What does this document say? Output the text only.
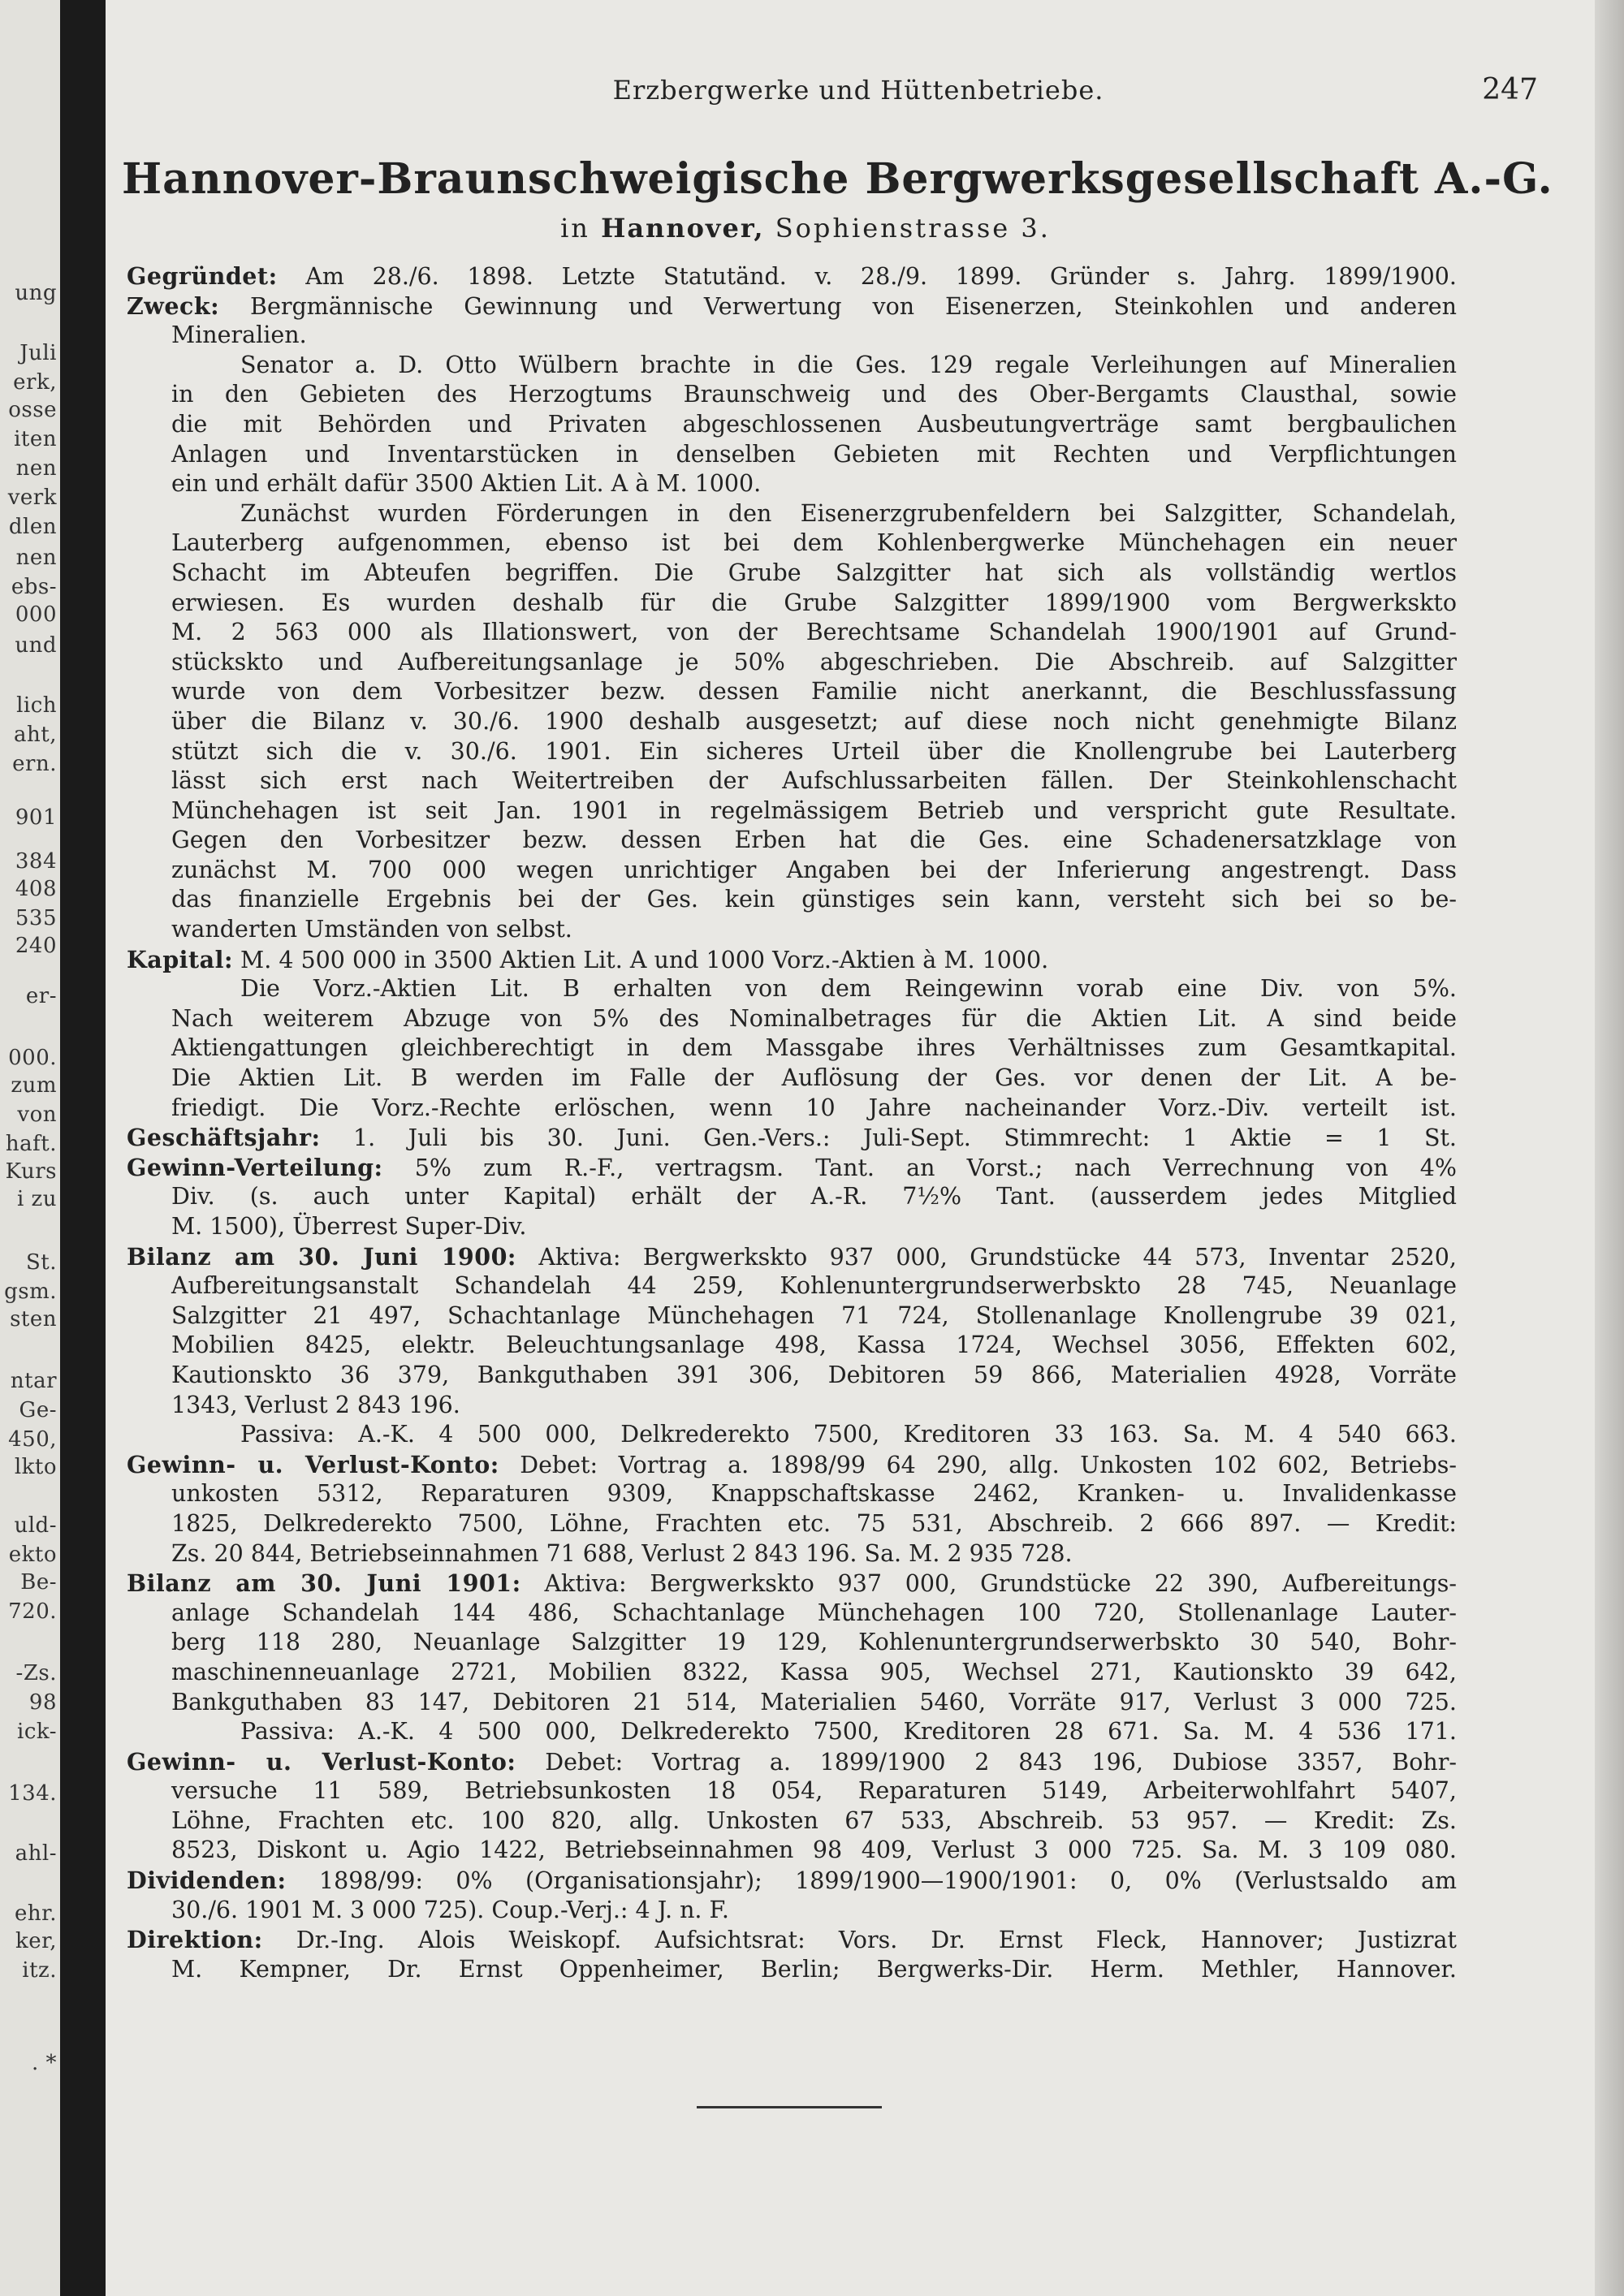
ung
Juli
erk,
osse
iten
nen
verk
dlen
nen
ebs-
000
und
lich
aht,
ern.
901
384
408
535
240
er-
000.
zum
von
haft.
Kurs
i zu
St.
gsm.
sten
ntar
Ge-
450,
lkto
uld-
ekto
Be-
720.
-Zs.
98
ick-
134.
ahl-
ehr.
ker,
itz.
. *
Erzbergwerke und Hüttenbetriebe.	247
Hannover-Braunschweigische Bergwerksgesellschaft A.-G.
in Hannover, Sophienstrasse 3.
Gegründet: Am 28./6. 1898. Letzte Statutänd. v. 28./9. 1899. Gründer s. Jahrg. 1899/1900.
Zweck: Bergmännische Gewinnung und Verwertung von Eisenerzen, Steinkohlen und anderen
Mineralien.
Senator a. D. Otto Wülbern brachte in die Ges. 129 regale Verleihungen auf Mineralien
in den Gebieten des Herzogtums Braunschweig und des Ober-Bergamts Clausthal, sowie
die mit Behörden und Privaten abgeschlossenen Ausbeutungverträge samt bergbaulichen
Anlagen und Inventarstücken in denselben Gebieten mit Rechten und Verpflichtungen
ein und erhält dafür 3500 Aktien Lit. A à M. 1000.
Zunächst wurden Förderungen in den Eisenerzgrubenfeldern bei Salzgitter, Schandelah,
Lauterberg aufgenommen, ebenso ist bei dem Kohlenbergwerke Münchehagen ein neuer
Schacht im Abteufen begriffen. Die Grube Salzgitter hat sich als vollständig wertlos
erwiesen. Es wurden deshalb für die Grube Salzgitter 1899/1900 vom Bergwerkskto
M. 2 563 000 als Illationswert, von der Berechtsame Schandelah 1900/1901 auf Grund-
stückskto und Aufbereitungsanlage je 50% abgeschrieben. Die Abschreib. auf Salzgitter
wurde von dem Vorbesitzer bezw. dessen Familie nicht anerkannt, die Beschlussfassung
über die Bilanz v. 30./6. 1900 deshalb ausgesetzt; auf diese noch nicht genehmigte Bilanz
stützt sich die v. 30./6. 1901. Ein sicheres Urteil über die Knollengrube bei Lauterberg
lässt sich erst nach Weitertreiben der Aufschlussarbeiten fällen. Der Steinkohlenschacht
Münchehagen ist seit Jan. 1901 in regelmässigem Betrieb und verspricht gute Resultate.
Gegen den Vorbesitzer bezw. dessen Erben hat die Ges. eine Schadenersatzklage von
zunächst M. 700 000 wegen unrichtiger Angaben bei der Inferierung angestrengt. Dass
das finanzielle Ergebnis bei der Ges. kein günstiges sein kann, versteht sich bei so be-
wanderten Umständen von selbst.
Kapital: M. 4 500 000 in 3500 Aktien Lit. A und 1000 Vorz.-Aktien à M. 1000.
Die Vorz.-Aktien Lit. B erhalten von dem Reingewinn vorab eine Div. von 5%.
Nach weiterem Abzuge von 5% des Nominalbetrages für die Aktien Lit. A sind beide
Aktiengattungen gleichberechtigt in dem Massgabe ihres Verhältnisses zum Gesamtkapital.
Die Aktien Lit. B werden im Falle der Auflösung der Ges. vor denen der Lit. A be-
friedigt. Die Vorz.-Rechte erlöschen, wenn 10 Jahre nacheinander Vorz.-Div. verteilt ist.
Geschäftsjahr: 1. Juli bis 30. Juni. Gen.-Vers.: Juli-Sept. Stimmrecht: 1 Aktie = 1 St.
Gewinn-Verteilung: 5% zum R.-F., vertragsm. Tant. an Vorst.; nach Verrechnung von 4%
Div. (s. auch unter Kapital) erhält der A.-R. 7½% Tant. (ausserdem jedes Mitglied
M. 1500), Überrest Super-Div.
Bilanz am 30. Juni 1900: Aktiva: Bergwerkskto 937 000, Grundstücke 44 573, Inventar 2520,
Aufbereitungsanstalt Schandelah 44 259, Kohlenuntergrundserwerbskto 28 745, Neuanlage
Salzgitter 21 497, Schachtanlage Münchehagen 71 724, Stollenanlage Knollengrube 39 021,
Mobilien 8425, elektr. Beleuchtungsanlage 498, Kassa 1724, Wechsel 3056, Effekten 602,
Kautionskto 36 379, Bankguthaben 391 306, Debitoren 59 866, Materialien 4928, Vorräte
1343, Verlust 2 843 196.
Passiva: A.-K. 4 500 000, Delkrederekto 7500, Kreditoren 33 163. Sa. M. 4 540 663.
Gewinn- u. Verlust-Konto: Debet: Vortrag a. 1898/99 64 290, allg. Unkosten 102 602, Betriebs-
unkosten 5312, Reparaturen 9309, Knappschaftskasse 2462, Kranken- u. Invalidenkasse
1825, Delkrederekto 7500, Löhne, Frachten etc. 75 531, Abschreib. 2 666 897. — Kredit:
Zs. 20 844, Betriebseinnahmen 71 688, Verlust 2 843 196. Sa. M. 2 935 728.
Bilanz am 30. Juni 1901: Aktiva: Bergwerkskto 937 000, Grundstücke 22 390, Aufbereitungs-
anlage Schandelah 144 486, Schachtanlage Münchehagen 100 720, Stollenanlage Lauter-
berg 118 280, Neuanlage Salzgitter 19 129, Kohlenuntergrundserwerbskto 30 540, Bohr-
maschinenneuanlage 2721, Mobilien 8322, Kassa 905, Wechsel 271, Kautionskto 39 642,
Bankguthaben 83 147, Debitoren 21 514, Materialien 5460, Vorräte 917, Verlust 3 000 725.
Passiva: A.-K. 4 500 000, Delkrederekto 7500, Kreditoren 28 671. Sa. M. 4 536 171.
Gewinn- u. Verlust-Konto: Debet: Vortrag a. 1899/1900 2 843 196, Dubiose 3357, Bohr-
versuche 11 589, Betriebsunkosten 18 054, Reparaturen 5149, Arbeiterwohlfahrt 5407,
Löhne, Frachten etc. 100 820, allg. Unkosten 67 533, Abschreib. 53 957. — Kredit: Zs.
8523, Diskont u. Agio 1422, Betriebseinnahmen 98 409, Verlust 3 000 725. Sa. M. 3 109 080.
Dividenden: 1898/99: 0% (Organisationsjahr); 1899/1900—1900/1901: 0, 0% (Verlustsaldo am
30./6. 1901 M. 3 000 725). Coup.-Verj.: 4 J. n. F.
Direktion: Dr.-Ing. Alois Weiskopf. Aufsichtsrat: Vors. Dr. Ernst Fleck, Hannover; Justizrat
M. Kempner, Dr. Ernst Oppenheimer, Berlin; Bergwerks-Dir. Herm. Methler, Hannover.
